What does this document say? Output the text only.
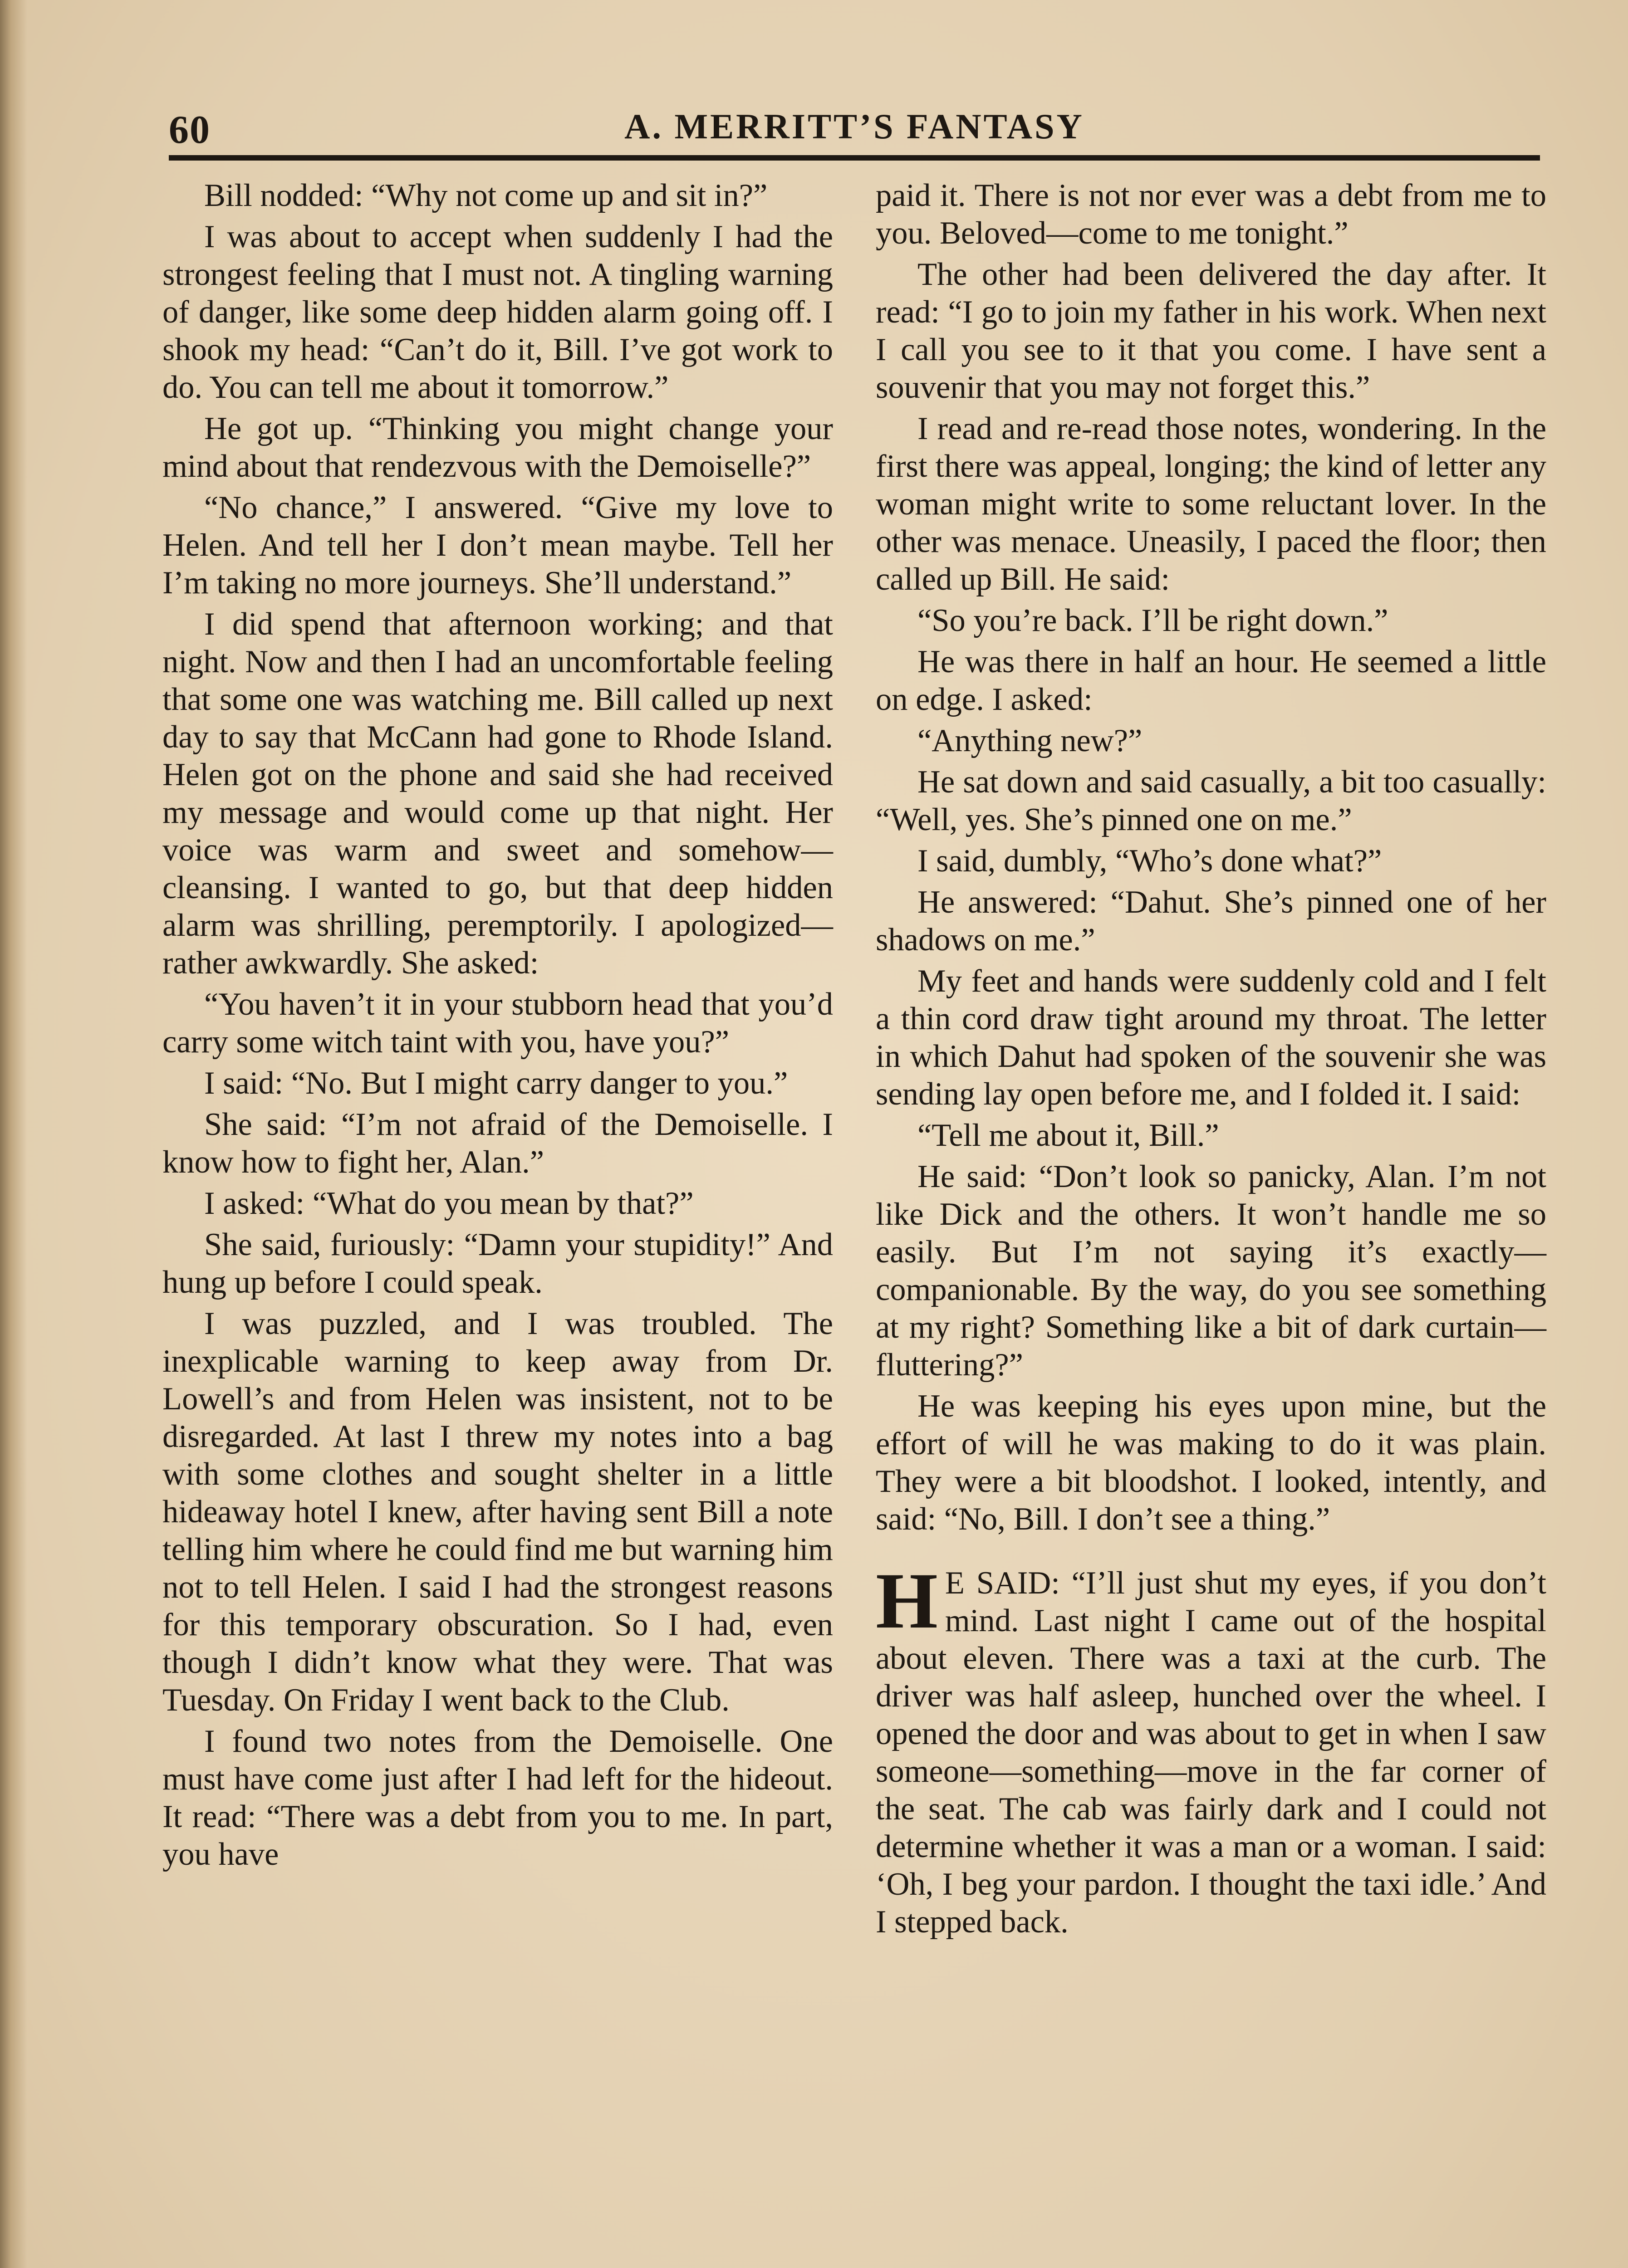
60	A. MERRITT’S FANTASY

Bill nodded: “Why not come up and sit in?”

I was about to accept when suddenly I had the strongest feeling that I must not. A tingling warning of danger, like some deep hidden alarm going off. I shook my head: “Can’t do it, Bill. I’ve got work to do. You can tell me about it tomorrow.”

He got up. “Thinking you might change your mind about that rendezvous with the Demoiselle?”

“No chance,” I answered. “Give my love to Helen. And tell her I don’t mean maybe. Tell her I’m taking no more journeys. She’ll understand.”

I did spend that afternoon working; and that night. Now and then I had an uncomfortable feeling that some one was watching me. Bill called up next day to say that McCann had gone to Rhode Island. Helen got on the phone and said she had received my message and would come up that night. Her voice was warm and sweet and somehow—cleansing. I wanted to go, but that deep hidden alarm was shrilling, peremptorily. I apologized—rather awkwardly. She asked:

“You haven’t it in your stubborn head that you’d carry some witch taint with you, have you?”

I said: “No. But I might carry danger to you.”

She said: “I’m not afraid of the Demoiselle. I know how to fight her, Alan.”

I asked: “What do you mean by that?”

She said, furiously: “Damn your stupidity!” And hung up before I could speak.

I was puzzled, and I was troubled. The inexplicable warning to keep away from Dr. Lowell’s and from Helen was insistent, not to be disregarded. At last I threw my notes into a bag with some clothes and sought shelter in a little hideaway hotel I knew, after having sent Bill a note telling him where he could find me but warning him not to tell Helen. I said I had the strongest reasons for this temporary obscuration. So I had, even though I didn’t know what they were. That was Tuesday. On Friday I went back to the Club.

I found two notes from the Demoiselle. One must have come just after I had left for the hideout. It read: “There was a debt from you to me. In part, you have

paid it. There is not nor ever was a debt from me to you. Beloved—come to me tonight.”

The other had been delivered the day after. It read: “I go to join my father in his work. When next I call you see to it that you come. I have sent a souvenir that you may not forget this.”

I read and re-read those notes, wondering. In the first there was appeal, longing; the kind of letter any woman might write to some reluctant lover. In the other was menace. Uneasily, I paced the floor; then called up Bill. He said:

“So you’re back. I’ll be right down.”

He was there in half an hour. He seemed a little on edge. I asked:

“Anything new?”

He sat down and said casually, a bit too casually: “Well, yes. She’s pinned one on me.”

I said, dumbly, “Who’s done what?”

He answered: “Dahut. She’s pinned one of her shadows on me.”

My feet and hands were suddenly cold and I felt a thin cord draw tight around my throat. The letter in which Dahut had spoken of the souvenir she was sending lay open before me, and I folded it. I said:

“Tell me about it, Bill.”

He said: “Don’t look so panicky, Alan. I’m not like Dick and the others. It won’t handle me so easily. But I’m not saying it’s exactly—companionable. By the way, do you see something at my right? Something like a bit of dark curtain—fluttering?”

He was keeping his eyes upon mine, but the effort of will he was making to do it was plain. They were a bit bloodshot. I looked, intently, and said: “No, Bill. I don’t see a thing.”

H E SAID: “I’ll just shut my eyes, if you don’t mind. Last night I came out of the hospital about eleven. There was a taxi at the curb. The driver was half asleep, hunched over the wheel. I opened the door and was about to get in when I saw someone—something—move in the far corner of the seat. The cab was fairly dark and I could not determine whether it was a man or a woman. I said: ‘Oh, I beg your pardon. I thought the taxi idle.’ And I stepped back.
